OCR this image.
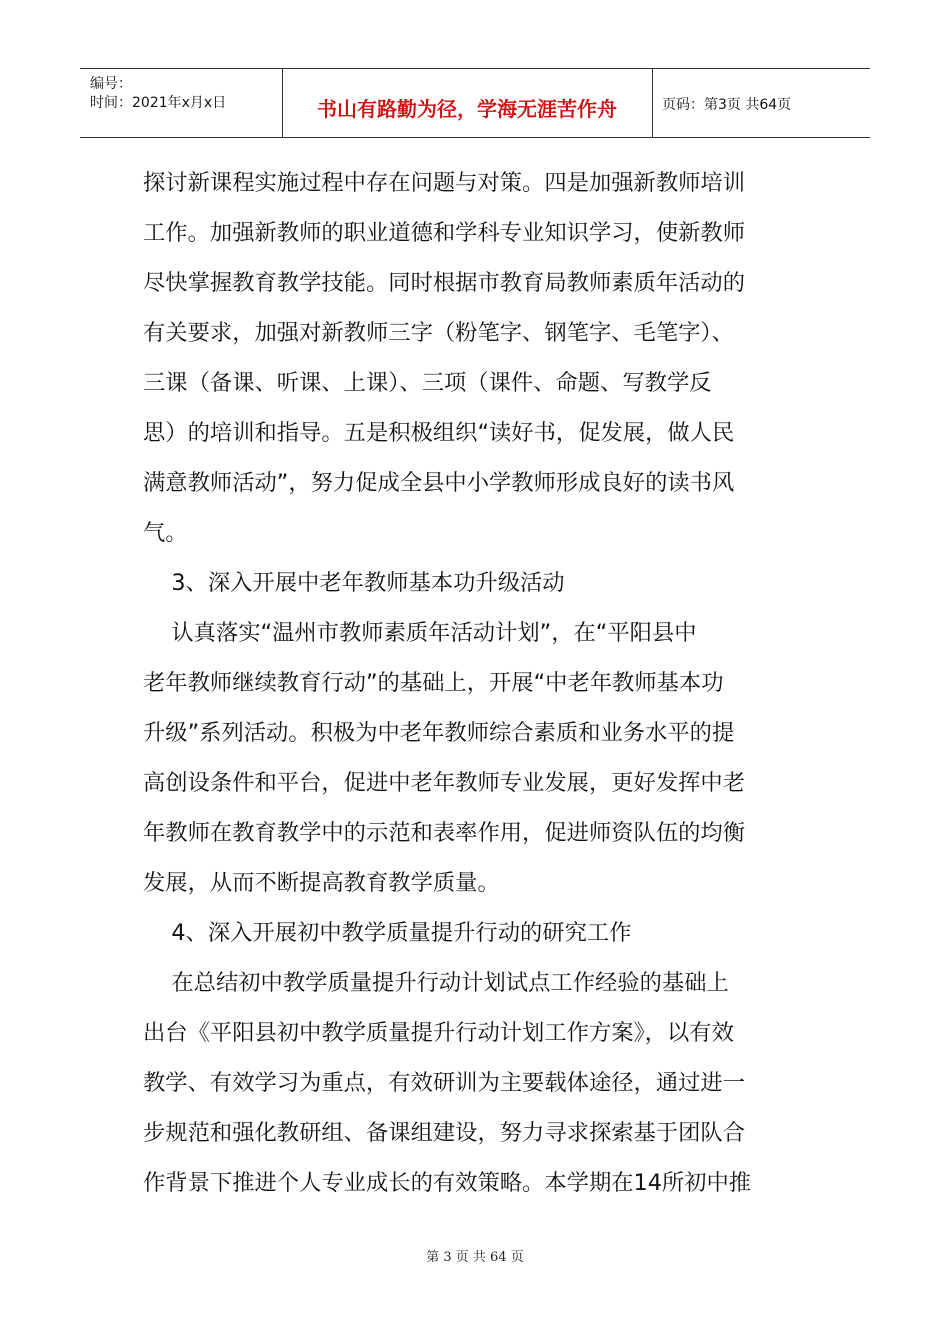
编号：
时间：2021年x月x日	书山有路勤为径，学海无涯苦作舟	页码：第3页 共64页
探讨新课程实施过程中存在问题与对策。四是加强新教师培训
工作。加强新教师的职业道德和学科专业知识学习，使新教师
尽快掌握教育教学技能。同时根据市教育局教师素质年活动的
有关要求，加强对新教师三字（粉笔字、钢笔字、毛笔字）、
三课（备课、听课、上课）、三项（课件、命题、写教学反
思）的培训和指导。五是积极组织“读好书，促发展，做人民
满意教师活动”，努力促成全县中小学教师形成良好的读书风
气。
3、深入开展中老年教师基本功升级活动
认真落实“温州市教师素质年活动计划”，在“平阳县中
老年教师继续教育行动”的基础上，开展“中老年教师基本功
升级”系列活动。积极为中老年教师综合素质和业务水平的提
高创设条件和平台，促进中老年教师专业发展，更好发挥中老
年教师在教育教学中的示范和表率作用，促进师资队伍的均衡
发展，从而不断提高教育教学质量。
4、深入开展初中教学质量提升行动的研究工作
在总结初中教学质量提升行动计划试点工作经验的基础上
出台《平阳县初中教学质量提升行动计划工作方案》，以有效
教学、有效学习为重点，有效研训为主要载体途径，通过进一
步规范和强化教研组、备课组建设，努力寻求探索基于团队合
作背景下推进个人专业成长的有效策略。本学期在14所初中推
第 3 页 共 64 页
